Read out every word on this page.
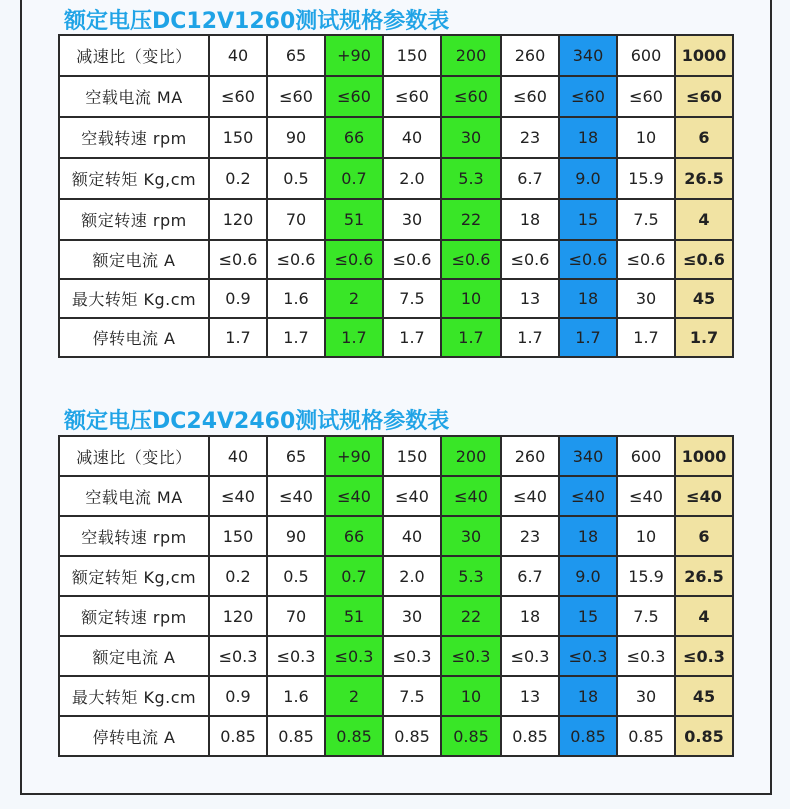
额定电压DC12V1260测试规格参数表
减速比（变比）	40	65	+90	150	200	260	340	600	1000
空载电流 MA	≤60	≤60	≤60	≤60	≤60	≤60	≤60	≤60	≤60
空载转速 rpm	150	90	66	40	30	23	18	10	6
额定转矩 Kg,cm	0.2	0.5	0.7	2.0	5.3	6.7	9.0	15.9	26.5
额定转速 rpm	120	70	51	30	22	18	15	7.5	4
额定电流 A	≤0.6	≤0.6	≤0.6	≤0.6	≤0.6	≤0.6	≤0.6	≤0.6	≤0.6
最大转矩 Kg.cm	0.9	1.6	2	7.5	10	13	18	30	45
停转电流 A	1.7	1.7	1.7	1.7	1.7	1.7	1.7	1.7	1.7
额定电压DC24V2460测试规格参数表
减速比（变比）	40	65	+90	150	200	260	340	600	1000
空载电流 MA	≤40	≤40	≤40	≤40	≤40	≤40	≤40	≤40	≤40
空载转速 rpm	150	90	66	40	30	23	18	10	6
额定转矩 Kg,cm	0.2	0.5	0.7	2.0	5.3	6.7	9.0	15.9	26.5
额定转速 rpm	120	70	51	30	22	18	15	7.5	4
额定电流 A	≤0.3	≤0.3	≤0.3	≤0.3	≤0.3	≤0.3	≤0.3	≤0.3	≤0.3
最大转矩 Kg.cm	0.9	1.6	2	7.5	10	13	18	30	45
停转电流 A	0.85	0.85	0.85	0.85	0.85	0.85	0.85	0.85	0.85
